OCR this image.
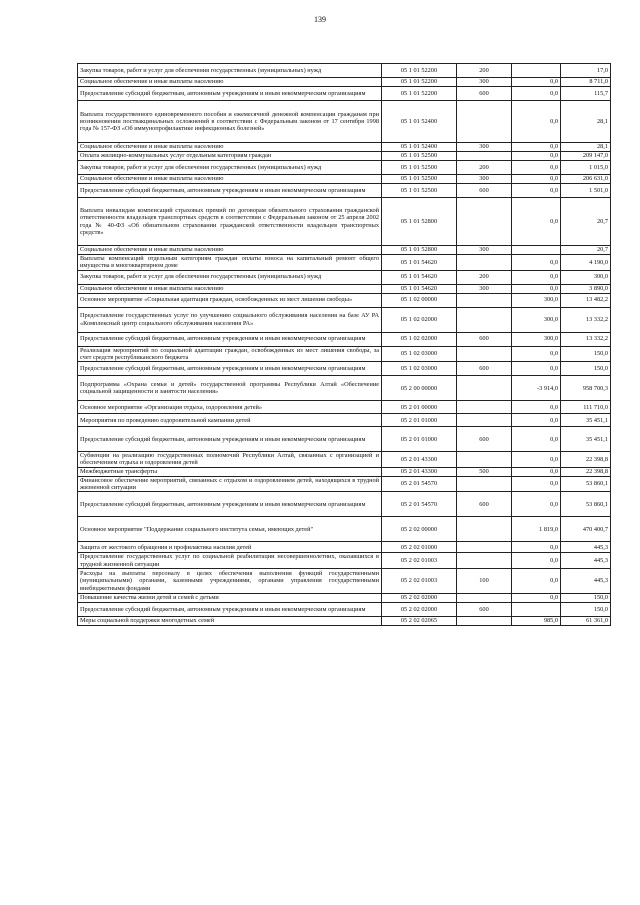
139
Закупка товаров, работ и услуг для обеспечения государственных (муниципальных) нужд	05 1 01 52200	200		17,0
Социальное обеспечение и иные выплаты населению	05 1 01 52200	300	0,0	8 711,0
Предоставление субсидий бюджетным, автономным учреждениям и иным некоммерческим организациям	05 1 01 52200	600	0,0	115,7
Выплата государственного единовременного пособия и ежемесячной денежной компенсации гражданам при возникновении поствакцинальных осложнений в соответствии с Федеральным законом от 17 сентября 1998 года № 157-ФЗ «Об иммунопрофилактике инфекционных болезней»	05 1 01 52400		0,0	28,1
Социальное обеспечение и иные выплаты населению	05 1 01 52400	300	0,0	28,1
Оплата жилищно-коммунальных услуг отдельным категориям граждан	05 1 01 52500		0,0	209 147,0
Закупка товаров, работ и услуг для обеспечения государственных (муниципальных) нужд	05 1 01 52500	200	0,0	1 015,0
Социальное обеспечение и иные выплаты населению	05 1 01 52500	300	0,0	206 631,0
Предоставление субсидий бюджетным, автономным учреждениям и иным некоммерческим организациям	05 1 01 52500	600	0,0	1 501,0
Выплата инвалидам компенсаций страховых премий по договорам обязательного страхования гражданской ответственности владельцев транспортных средств в соответствии с Федеральным законом от 25 апреля 2002 года № 40-ФЗ «Об обязательном страховании гражданской ответственности владельцев транспортных средств»	05 1 01 52800		0,0	20,7
Социальное обеспечение и иные выплаты населению	05 1 01 52800	300		20,7
Выплаты компенсаций отдельным категориям граждан оплаты взноса на капитальный ремонт общего имущества в многоквартирном доме	05 1 01 54620		0,0	4 190,0
Закупка товаров, работ и услуг для обеспечения государственных (муниципальных) нужд	05 1 01 54620	200	0,0	300,0
Социальное обеспечение и иные выплаты населению	05 1 01 54620	300	0,0	3 890,0
Основное мероприятие «Социальная адаптация граждан, освобожденных из мест лишения свободы»	05 1 02 00000		300,0	13 482,2
Предоставление государственных услуг по улучшению социального обслуживания населения на базе АУ РА «Комплексный центр социального обслуживания населения РА»	05 1 02 02000		300,0	13 332,2
Предоставление субсидий бюджетным, автономным учреждениям и иным некоммерческим организациям	05 1 02 02000	600	300,0	13 332,2
Реализация мероприятий по социальной адаптации граждан, освобожденных из мест лишения свободы, за счет средств республиканского бюджета	05 1 02 03000		0,0	150,0
Предоставление субсидий бюджетным, автономным учреждениям и иным некоммерческим организациям	05 1 02 03000	600	0,0	150,0
Подпрограмма «Охрана семьи и детей» государственной программы Республики Алтай «Обеспечение социальной защищенности и занятости населения»	05 2 00 00000		-3 914,0	958 700,3
Основное мероприятие «Организация отдыха, оздоровления детей»	05 2 01 00000		0,0	111 710,0
Мероприятия по проведению оздоровительной кампании детей	05 2 01 01000		0,0	35 451,1
Предоставление субсидий бюджетным, автономным учреждениям и иным некоммерческим организациям	05 2 01 01000	600	0,0	35 451,1
Субвенции на реализацию государственных полномочий Республики Алтай, связанных с организацией и обеспечением отдыха и оздоровления детей	05 2 01 43300		0,0	22 398,8
Межбюджетные трансферты	05 2 01 43300	500	0,0	22 398,8
Финансовое обеспечение мероприятий, связанных с отдыхом и оздоровлением детей, находящихся в трудной жизненной ситуации	05 2 01 54570		0,0	53 860,1
Предоставление субсидий бюджетным, автономным учреждениям и иным некоммерческим организациям	05 2 01 54570	600	0,0	53 860,1
Основное мероприятие "Поддержание социального института семьи, имеющих детей"	05 2 02 00000		1 819,0	470 400,7
Защита от жестокого обращения и профилактика насилия детей	05 2 02 01000		0,0	445,3
Предоставление государственных услуг по социальной реабилитации несовершеннолетних, оказавшихся в трудной жизненной ситуации	05 2 02 01003		0,0	445,3
Расходы на выплаты персоналу в целях обеспечения выполнения функций государственными (муниципальными) органами, казенными учреждениями, органами управления государственными внебюджетными фондами	05 2 02 01003	100	0,0	445,3
Повышение качества жизни детей и семей с детьми	05 2 02 02000		0,0	150,0
Предоставление субсидий бюджетным, автономным учреждениям и иным некоммерческим организациям	05 2 02 02000	600		150,0
Меры социальной поддержки многодетных семей	05 2 02 02065		985,0	61 361,0
